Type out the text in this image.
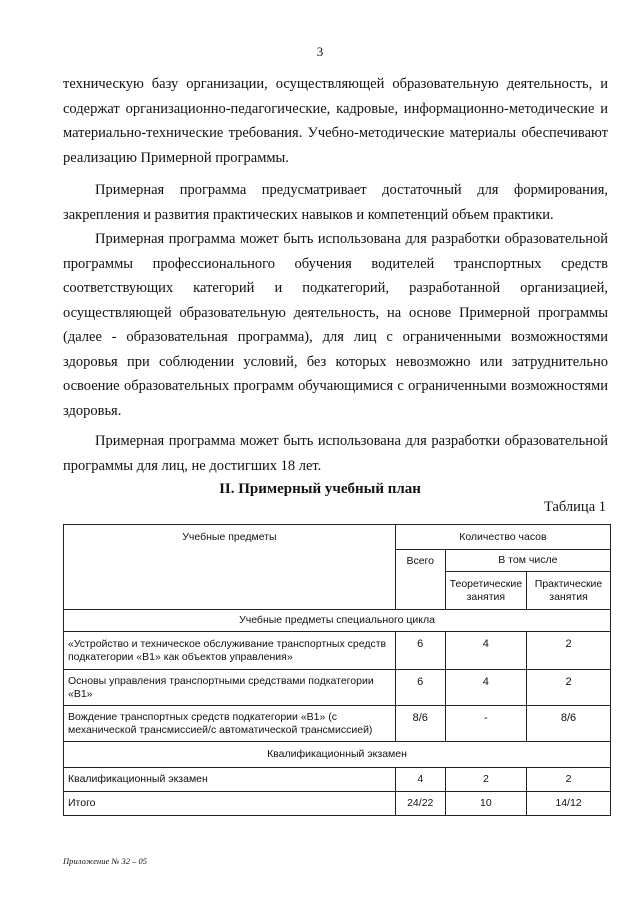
3
техническую базу организации, осуществляющей образовательную деятельность, и содержат организационно-педагогические, кадровые, информационно-методические и материально-технические требования. Учебно-методические материалы обеспечивают реализацию Примерной программы.
Примерная программа предусматривает достаточный для формирования, закрепления и развития практических навыков и компетенций объем практики.
Примерная программа может быть использована для разработки образовательной программы профессионального обучения водителей транспортных средств соответствующих категорий и подкатегорий, разработанной организацией, осуществляющей образовательную деятельность, на основе Примерной программы (далее - образовательная программа), для лиц с ограниченными возможностями здоровья при соблюдении условий, без которых невозможно или затруднительно освоение образовательных программ обучающимися с ограниченными возможностями здоровья.
Примерная программа может быть использована для разработки образовательной программы для лиц, не достигших 18 лет.
II. Примерный учебный план
Таблица 1
Учебные предметы	Количество часов		
	Всего	В том числе	
		Теоретические занятия	Практические занятия
Учебные предметы специального цикла			
«Устройство и техническое обслуживание транспортных средств подкатегории «В1» как объектов управления»	6	4	2
Основы управления транспортными средствами подкатегории «В1»	6	4	2
Вождение транспортных средств подкатегории «В1» (с механической трансмиссией/с автоматической трансмиссией)	8/6	-	8/6
Квалификационный экзамен			
Квалификационный экзамен	4	2	2
Итого	24/22	10	14/12
Приложение № 32 – 05
